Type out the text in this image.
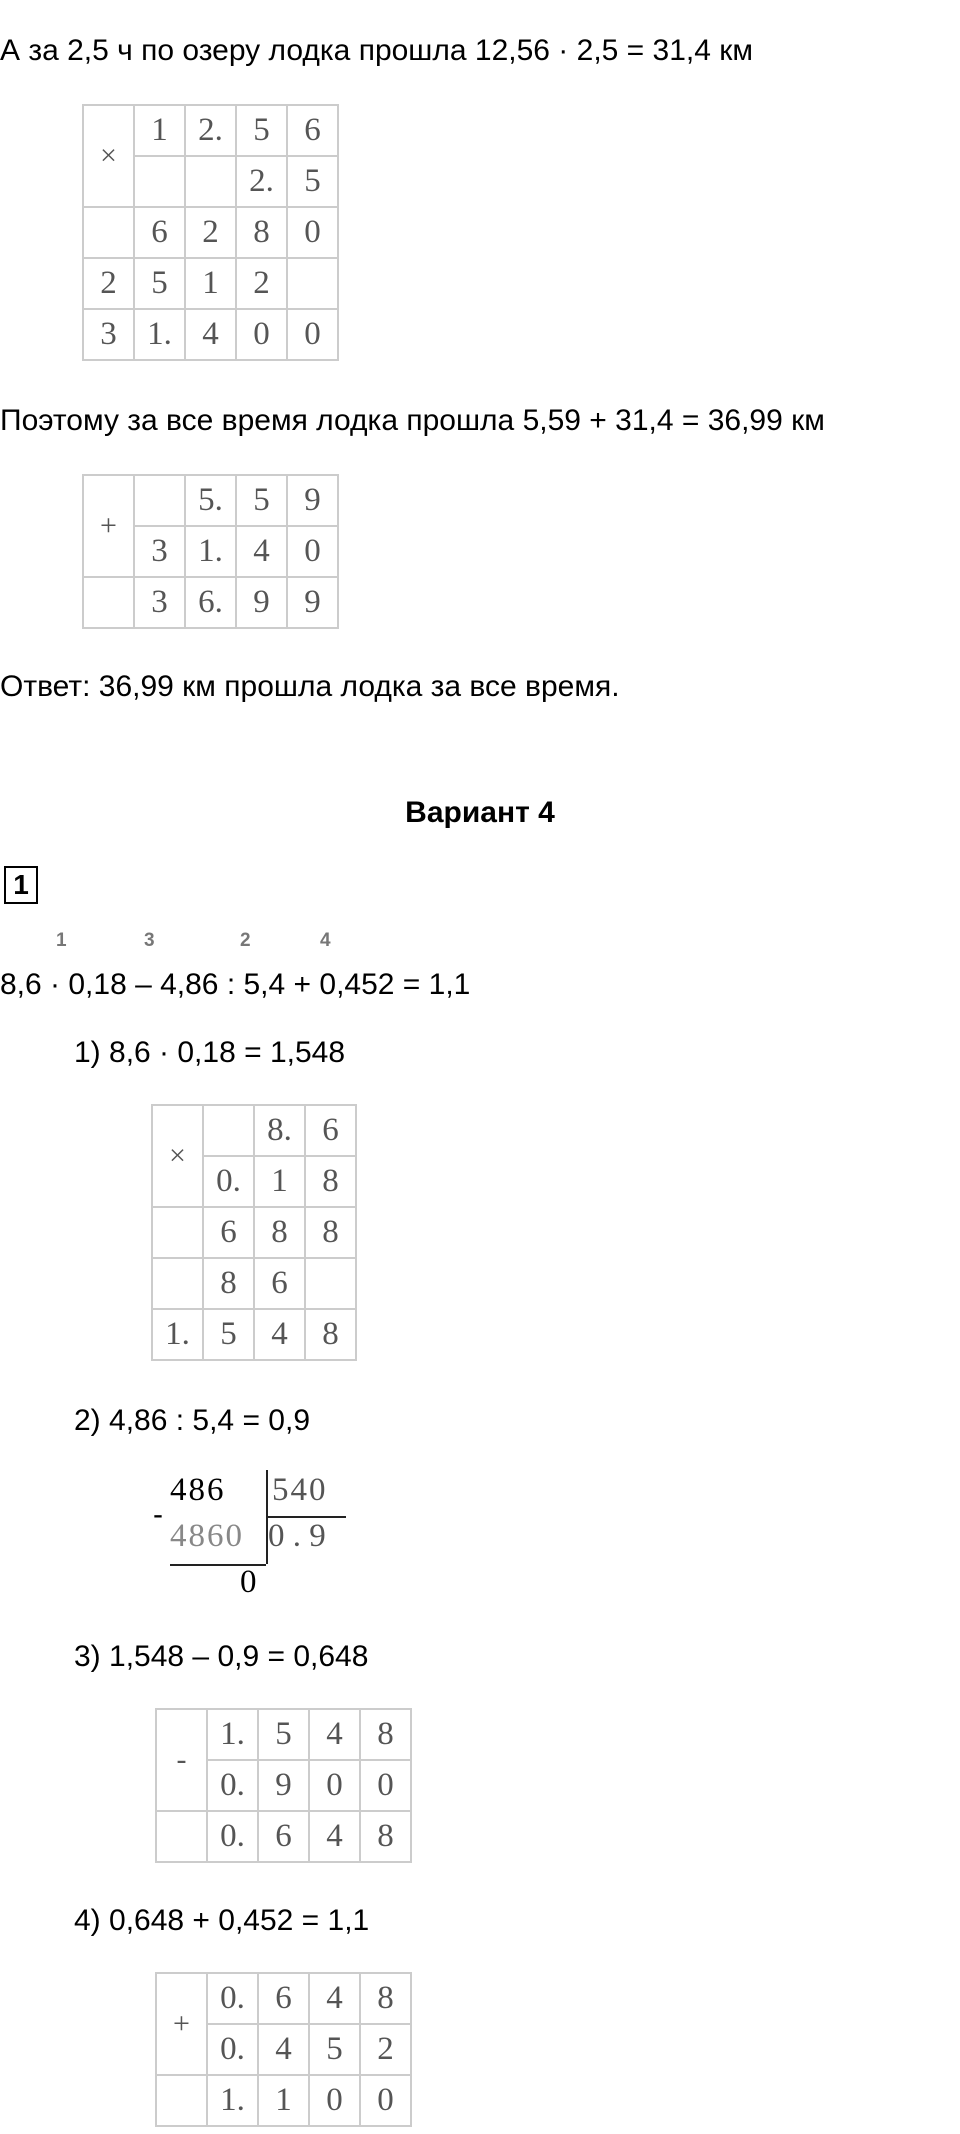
А за 2,5 ч по озеру лодка прошла 12,56 · 2,5 = 31,4 км
×	1	2.	5	6
			2.	5
	6	2	8	0
2	5	1	2	
3	1.	4	0	0
Поэтому за все время лодка прошла 5,59 + 31,4 = 36,99 км
+		5.	5	9
	3	1.	4	0
	3	6.	9	9
Ответ: 36,99 км прошла лодка за все время.
Вариант 4
1
1	3	2	4
8,6 · 0,18 – 4,86 : 5,4 + 0,452 = 1,1
1) 8,6 · 0,18 = 1,548
×		8.	6
	0.	1	8
	6	8	8
	8	6	
1.	5	4	8
2) 4,86 : 5,4 = 0,9
-
486 540
4860 0 . 9
0
3) 1,548 – 0,9 = 0,648
-	1.	5	4	8
	0.	9	0	0
	0.	6	4	8
4) 0,648 + 0,452 = 1,1
+	0.	6	4	8
	0.	4	5	2
	1.	1	0	0
